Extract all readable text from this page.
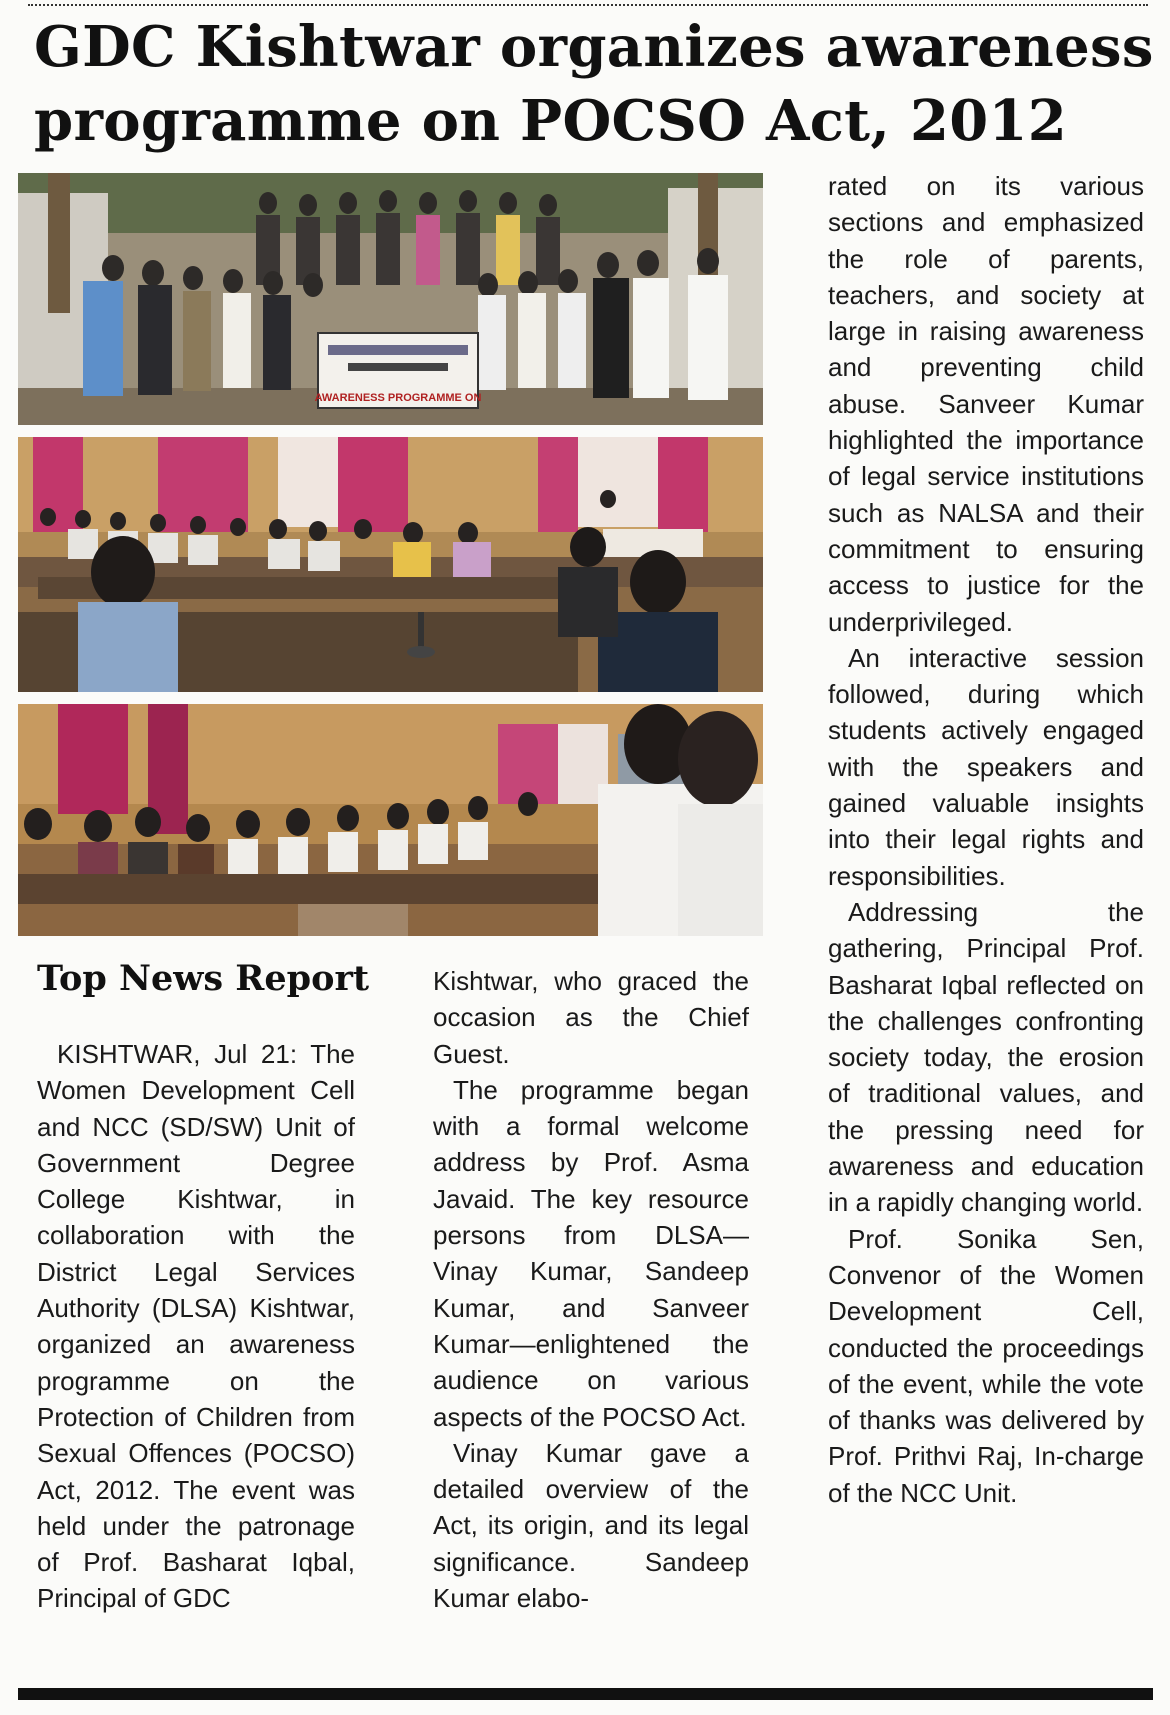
GDC Kishtwar organizes awareness
programme on POCSO Act, 2012
AWARENESS PROGRAMME ON
Top News Report

KISHTWAR, Jul 21: The Women Development Cell and NCC (SD/SW) Unit of Government Degree College Kishtwar, in collaboration with the District Legal Services Authority (DLSA) Kishtwar, organized an awareness programme on the Protection of Children from Sexual Offences (POCSO) Act, 2012. The event was held under the patronage of Prof. Basharat Iqbal, Principal of GDC

Kishtwar, who graced the occasion as the Chief Guest.

The programme began with a formal welcome address by Prof. Asma Javaid. The key resource persons from DLSA—Vinay Kumar, Sandeep Kumar, and Sanveer Kumar—enlightened the audience on various aspects of the POCSO Act.

Vinay Kumar gave a detailed overview of the Act, its origin, and its legal significance. Sandeep Kumar elabo-

rated on its various sections and emphasized the role of parents, teachers, and society at large in raising awareness and preventing child abuse. Sanveer Kumar highlighted the importance of legal service institutions such as NALSA and their commitment to ensuring access to justice for the underprivileged.

An interactive session followed, during which students actively engaged with the speakers and gained valuable insights into their legal rights and responsibilities.

Addressing the gathering, Principal Prof. Basharat Iqbal reflected on the challenges confronting society today, the erosion of traditional values, and the pressing need for awareness and education in a rapidly changing world.

Prof. Sonika Sen, Convenor of the Women Development Cell, conducted the proceedings of the event, while the vote of thanks was delivered by Prof. Prithvi Raj, In-charge of the NCC Unit.
